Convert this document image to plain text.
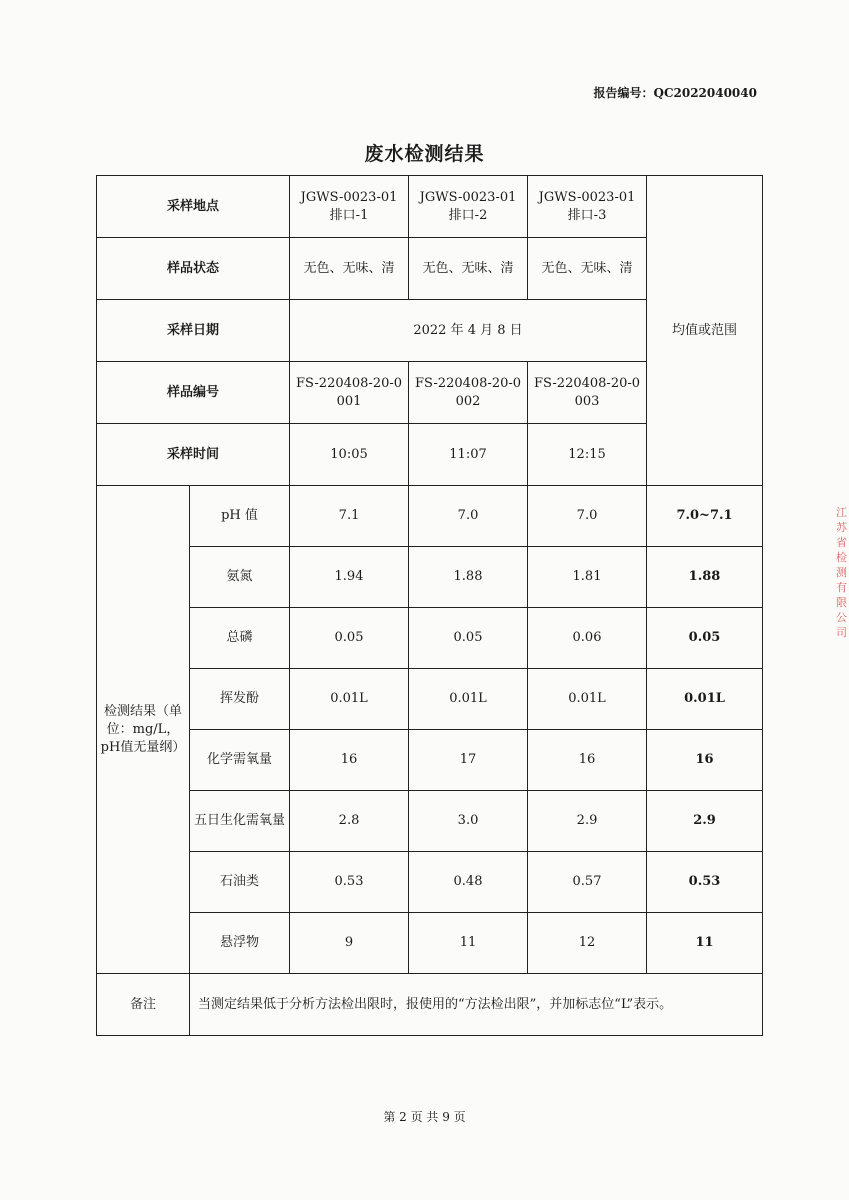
报告编号：QC2022040040
废水检测结果
采样地点		JGWS-0023-01 排口-1	JGWS-0023-01 排口-2	JGWS-0023-01 排口-3	均值或范围
样品状态		无色、无味、清	无色、无味、清	无色、无味、清	
采样日期		2022 年 4 月 8 日			
样品编号		FS-220408-20-0001	FS-220408-20-0002	FS-220408-20-0003	
采样时间		10:05	11:07	12:15	
检测结果（单位：mg/L，pH值无量纲）	pH 值	7.1	7.0	7.0	7.0~7.1
	氨氮	1.94	1.88	1.81	1.88
	总磷	0.05	0.05	0.06	0.05
	挥发酚	0.01L	0.01L	0.01L	0.01L
	化学需氧量	16	17	16	16
	五日生化需氧量	2.8	3.0	2.9	2.9
	石油类	0.53	0.48	0.57	0.53
	悬浮物	9	11	12	11
备注	当测定结果低于分析方法检出限时，报使用的“方法检出限”，并加标志位“L”表示。				
江苏省检测有限公司
第 2 页 共 9 页
